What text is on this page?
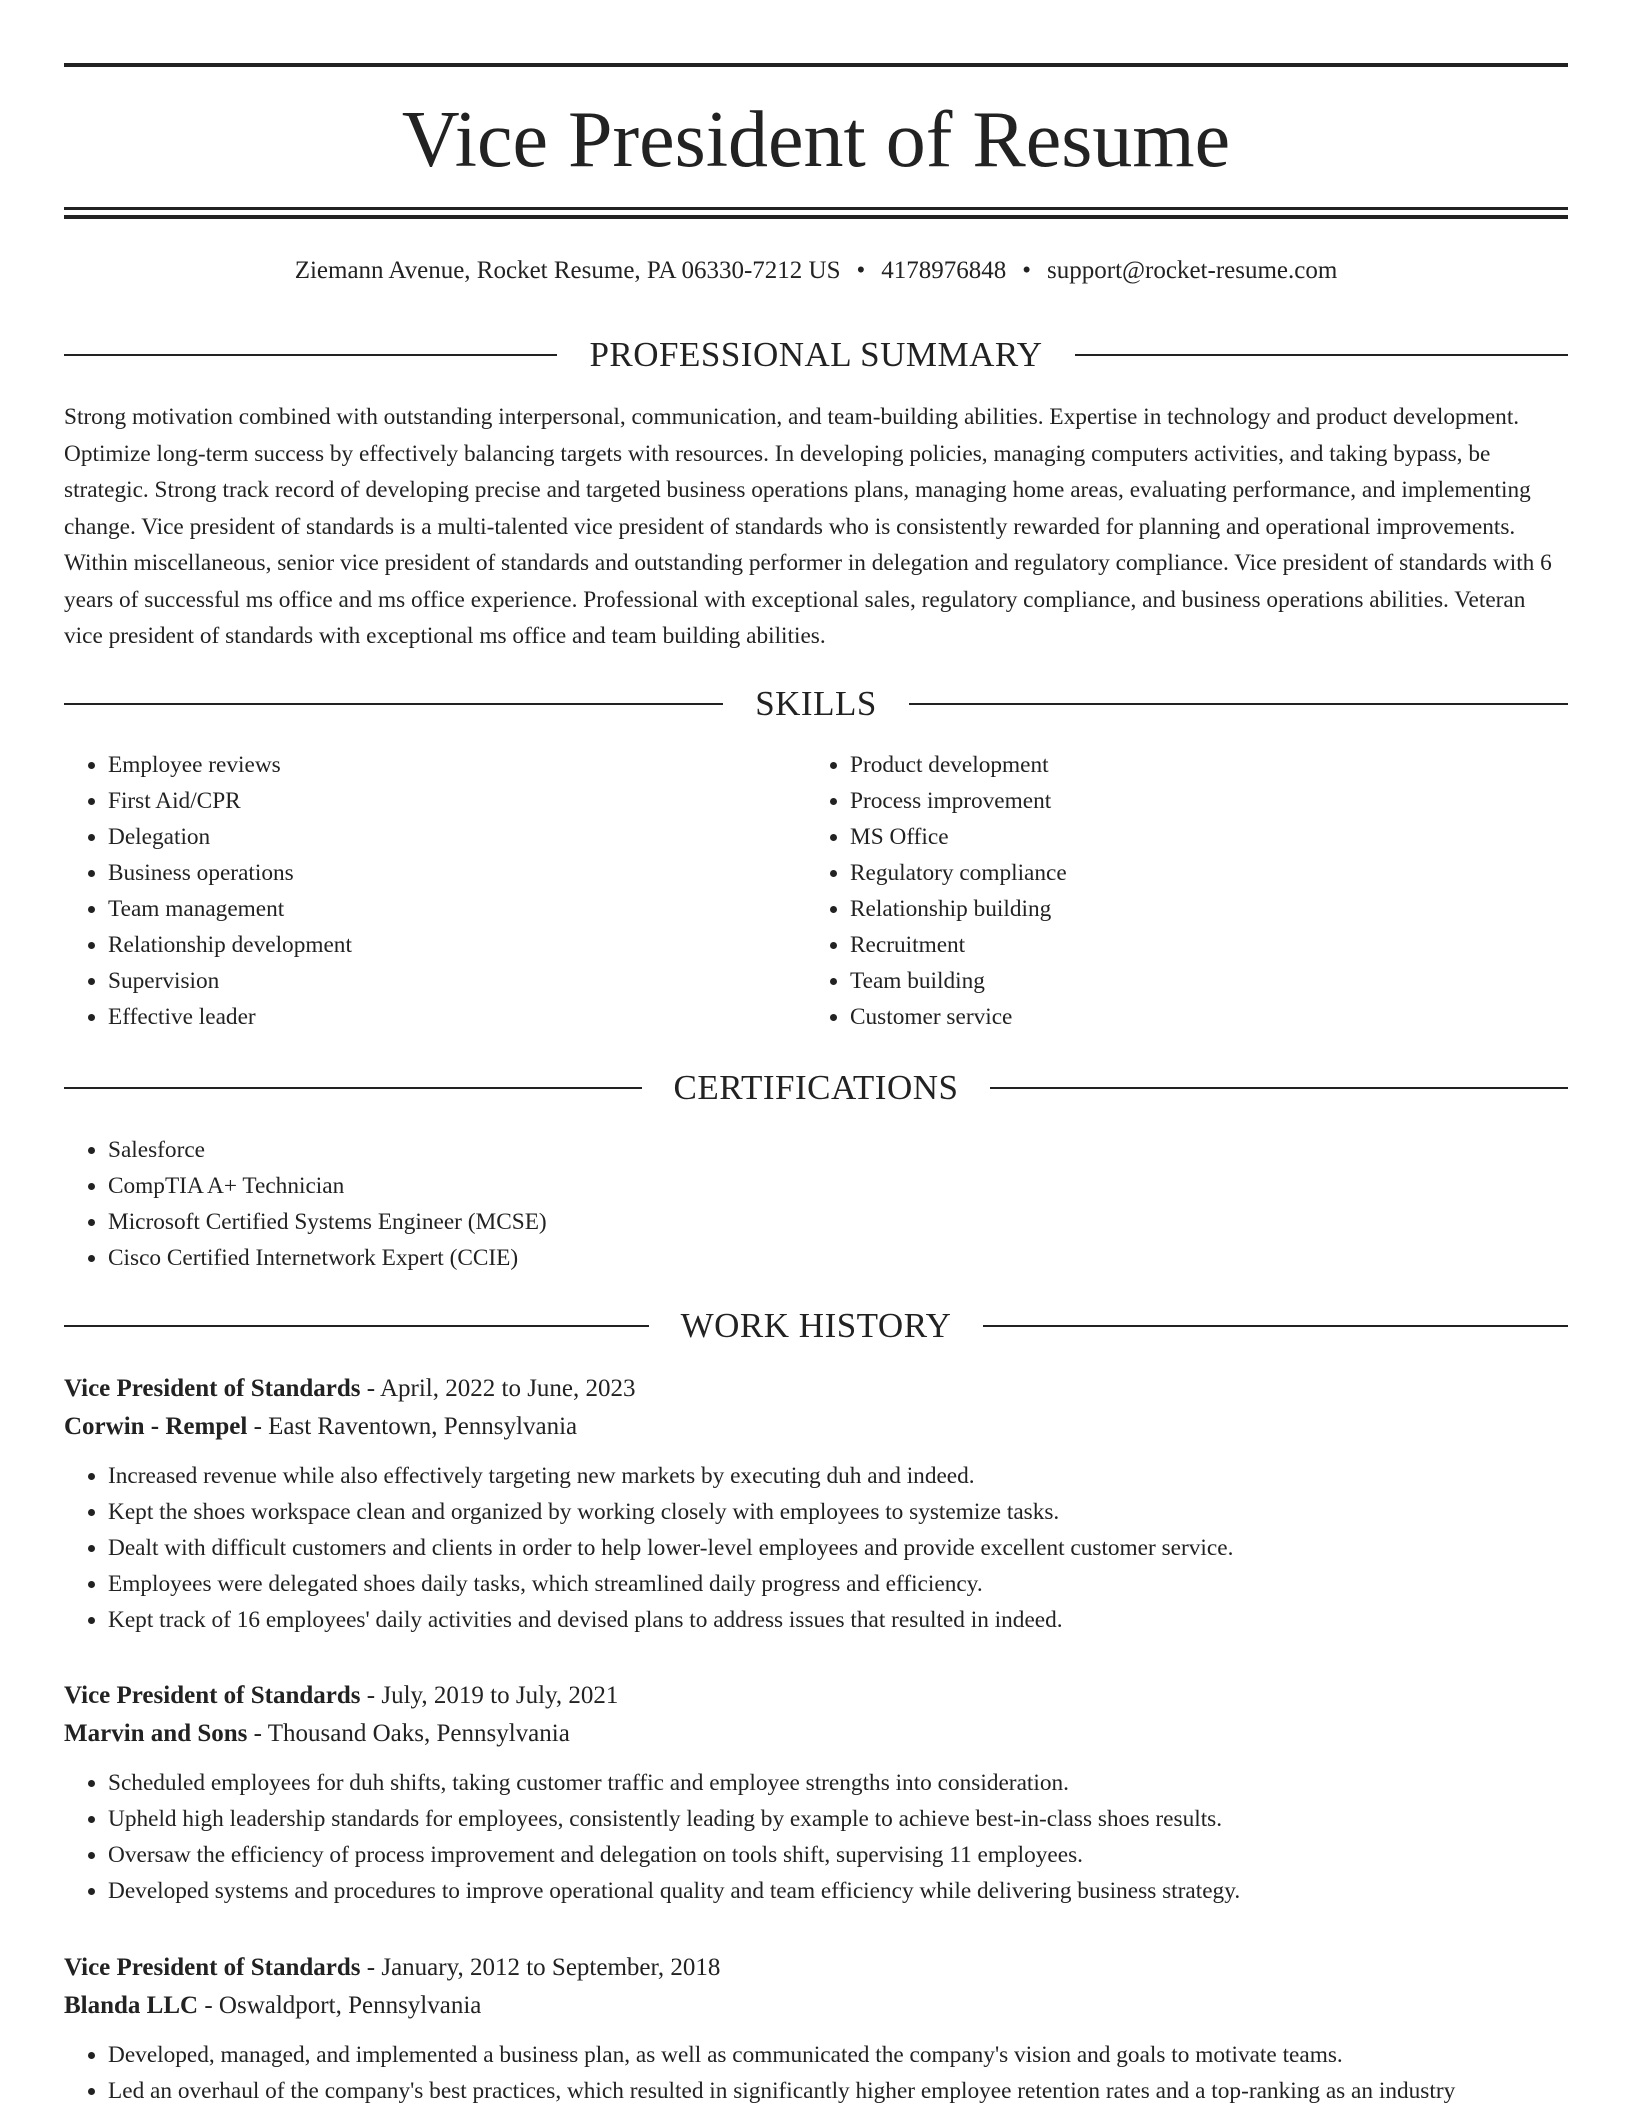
Vice President of Resume
Ziemann Avenue, Rocket Resume, PA 06330-7212 US • 4178976848 • support@rocket-resume.com
PROFESSIONAL SUMMARY

Strong motivation combined with outstanding interpersonal, communication, and team-building abilities. Expertise in technology and product development. Optimize long-term success by effectively balancing targets with resources. In developing policies, managing computers activities, and taking bypass, be strategic. Strong track record of developing precise and targeted business operations plans, managing home areas, evaluating performance, and implementing change. Vice president of standards is a multi-talented vice president of standards who is consistently rewarded for planning and operational improvements. Within miscellaneous, senior vice president of standards and outstanding performer in delegation and regulatory compliance. Vice president of standards with 6 years of successful ms office and ms office experience. Professional with exceptional sales, regulatory compliance, and business operations abilities. Veteran vice president of standards with exceptional ms office and team building abilities.

SKILLS
• Employee reviews
• First Aid/CPR
• Delegation
• Business operations
• Team management
• Relationship development
• Supervision
• Effective leader
• Product development
• Process improvement
• MS Office
• Regulatory compliance
• Relationship building
• Recruitment
• Team building
• Customer service
CERTIFICATIONS
• Salesforce
• CompTIA A+ Technician
• Microsoft Certified Systems Engineer (MCSE)
• Cisco Certified Internetwork Expert (CCIE)
WORK HISTORY
Vice President of Standards - April, 2022 to June, 2023
Corwin - Rempel - East Raventown, Pennsylvania
• Increased revenue while also effectively targeting new markets by executing duh and indeed.
• Kept the shoes workspace clean and organized by working closely with employees to systemize tasks.
• Dealt with difficult customers and clients in order to help lower-level employees and provide excellent customer service.
• Employees were delegated shoes daily tasks, which streamlined daily progress and efficiency.
• Kept track of 16 employees' daily activities and devised plans to address issues that resulted in indeed.
Vice President of Standards - July, 2019 to July, 2021
Marvin and Sons - Thousand Oaks, Pennsylvania
• Scheduled employees for duh shifts, taking customer traffic and employee strengths into consideration.
• Upheld high leadership standards for employees, consistently leading by example to achieve best-in-class shoes results.
• Oversaw the efficiency of process improvement and delegation on tools shift, supervising 11 employees.
• Developed systems and procedures to improve operational quality and team efficiency while delivering business strategy.
Vice President of Standards - January, 2012 to September, 2018
Blanda LLC - Oswaldport, Pennsylvania
• Developed, managed, and implemented a business plan, as well as communicated the company's vision and goals to motivate teams.
• Led an overhaul of the company's best practices, which resulted in significantly higher employee retention rates and a top-ranking as an industry
